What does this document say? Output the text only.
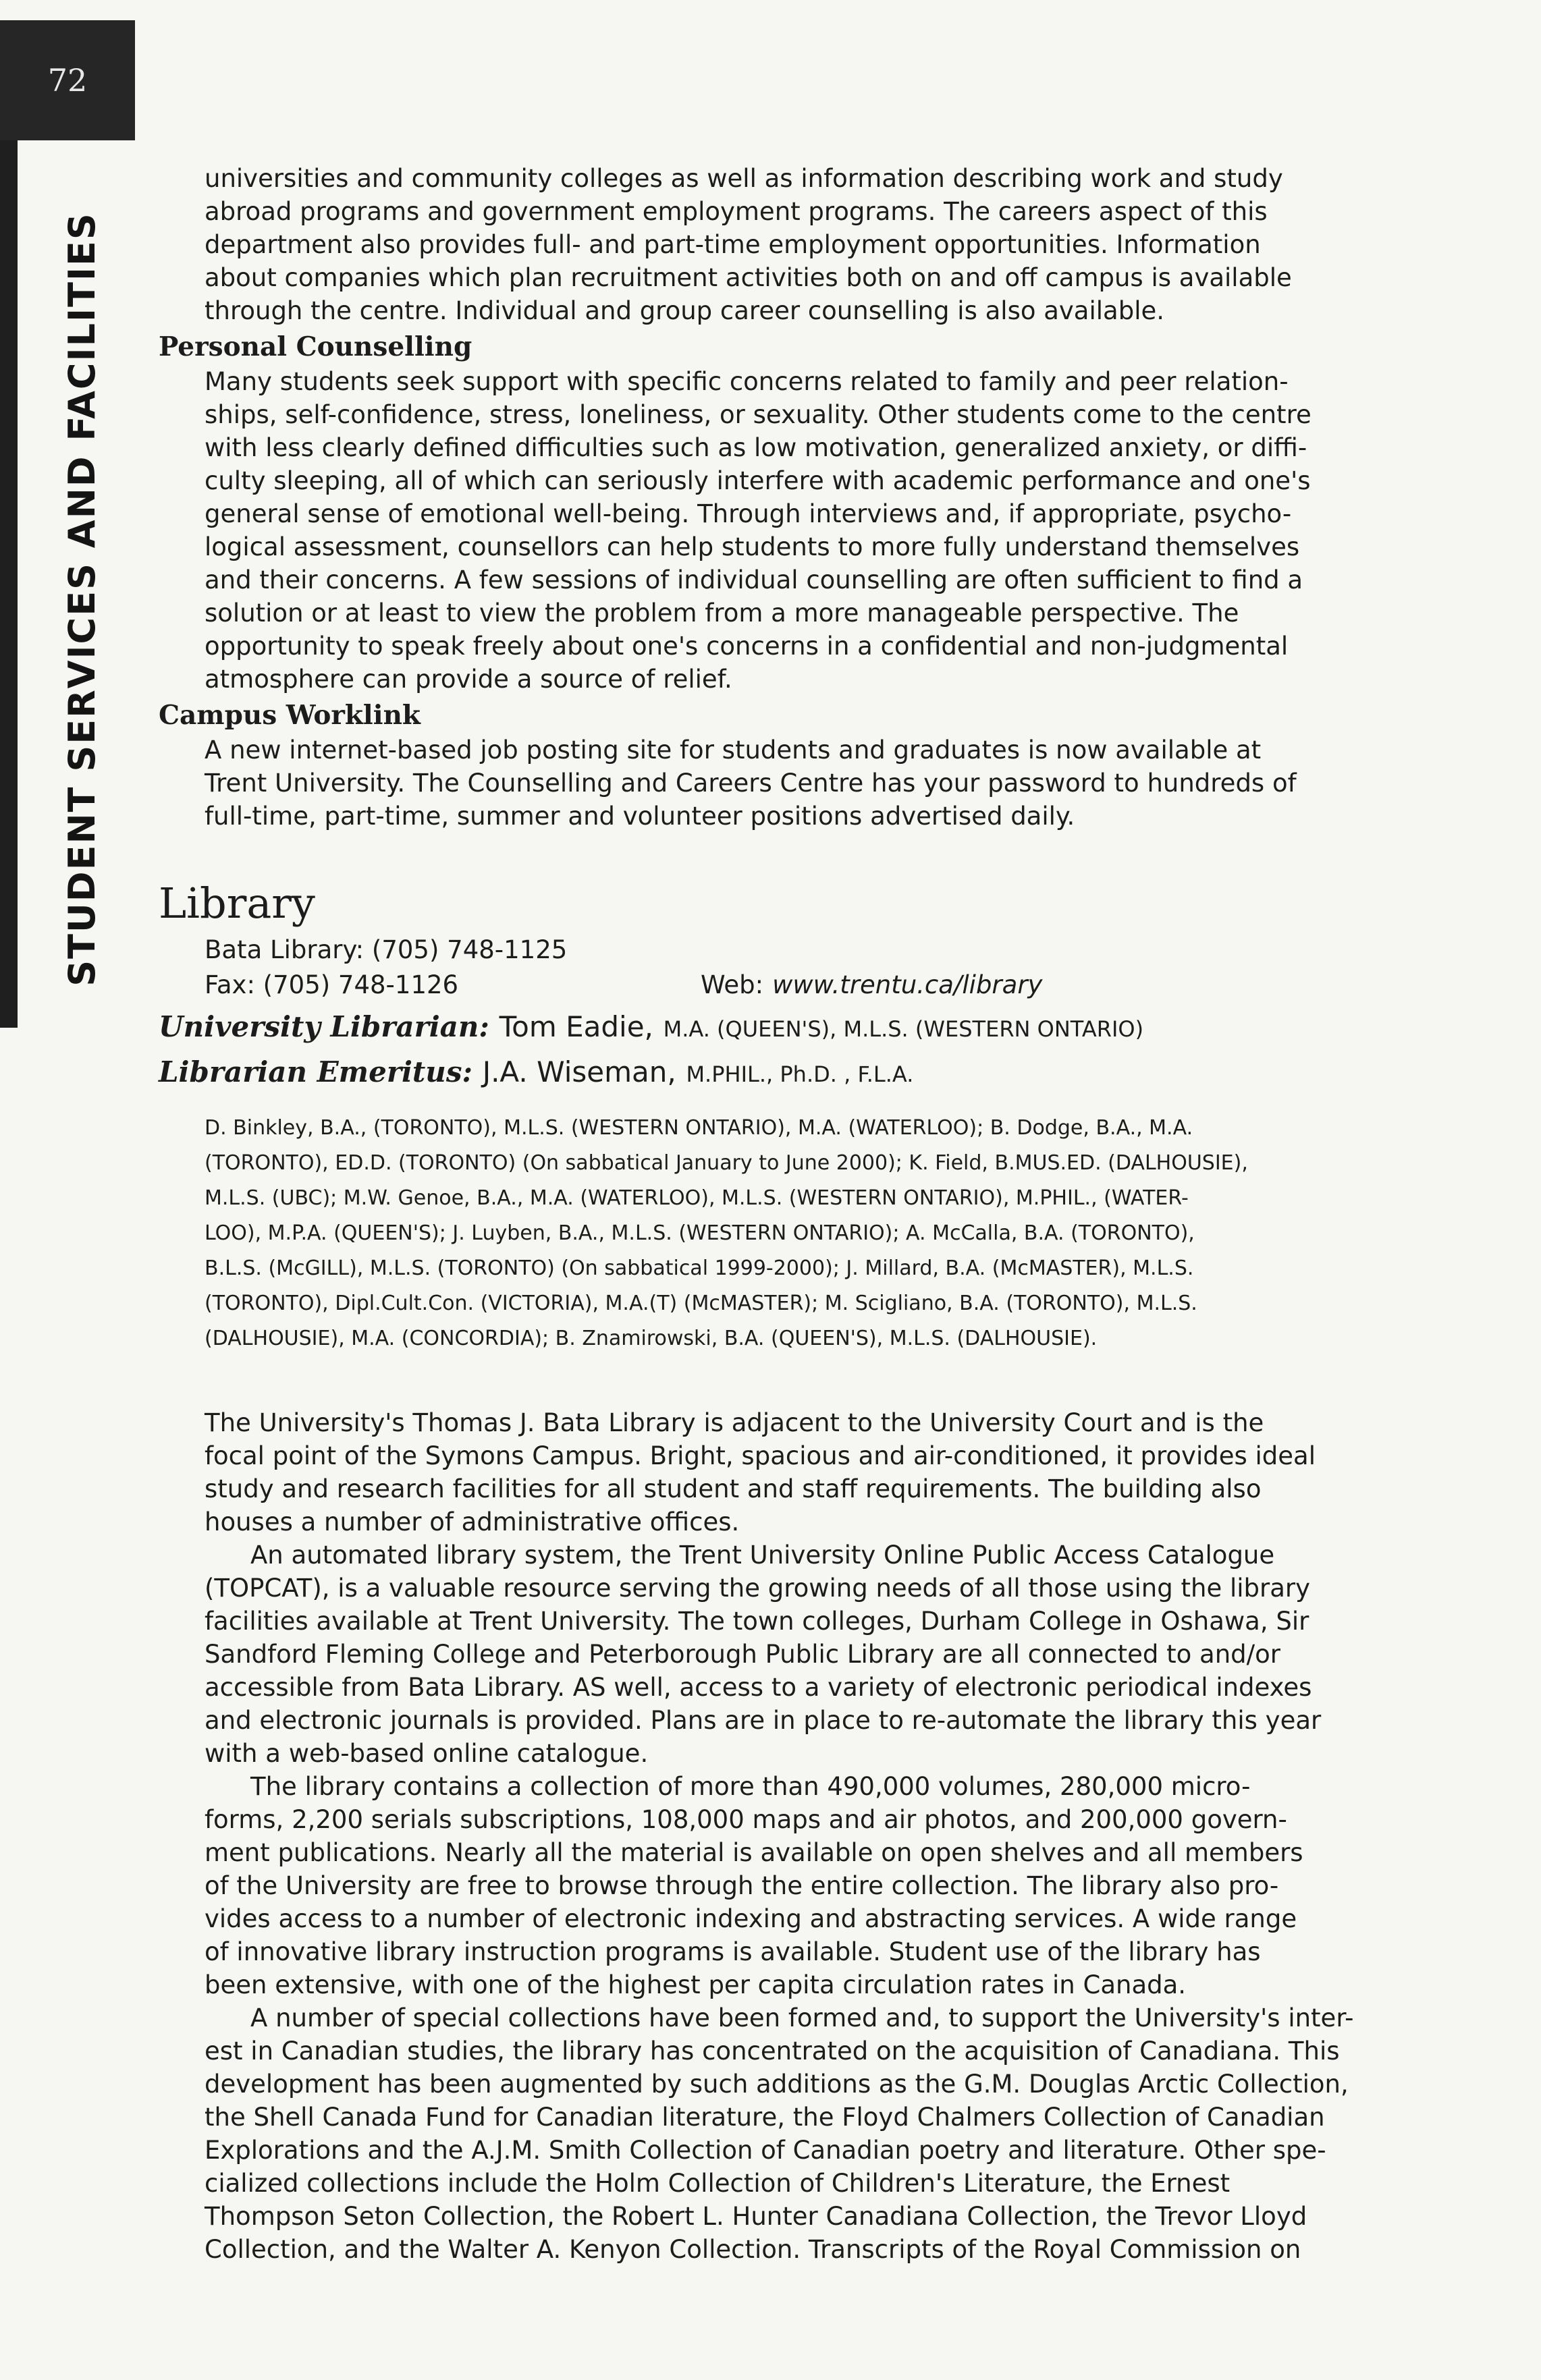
72
STUDENT SERVICES AND FACILITIES
universities and community colleges as well as information describing work and study
abroad programs and government employment programs. The careers aspect of this
department also provides full- and part-time employment opportunities. Information
about companies which plan recruitment activities both on and off campus is available
through the centre. Individual and group career counselling is also available.
Personal Counselling
Many students seek support with specific concerns related to family and peer relation-
ships, self-confidence, stress, loneliness, or sexuality. Other students come to the centre
with less clearly defined difficulties such as low motivation, generalized anxiety, or diffi-
culty sleeping, all of which can seriously interfere with academic performance and one's
general sense of emotional well-being. Through interviews and, if appropriate, psycho-
logical assessment, counsellors can help students to more fully understand themselves
and their concerns. A few sessions of individual counselling are often sufficient to find a
solution or at least to view the problem from a more manageable perspective. The
opportunity to speak freely about one's concerns in a confidential and non-judgmental
atmosphere can provide a source of relief.
Campus Worklink
A new internet-based job posting site for students and graduates is now available at
Trent University. The Counselling and Careers Centre has your password to hundreds of
full-time, part-time, summer and volunteer positions advertised daily.
Library
Bata Library: (705) 748-1125
Fax: (705) 748-1126	Web: www.trentu.ca/library
University Librarian: Tom Eadie, M.A. (QUEEN'S), M.L.S. (WESTERN ONTARIO)
Librarian Emeritus: J.A. Wiseman, M.PHIL., Ph.D. , F.L.A.
D. Binkley, B.A., (TORONTO), M.L.S. (WESTERN ONTARIO), M.A. (WATERLOO); B. Dodge, B.A., M.A.
(TORONTO), ED.D. (TORONTO) (On sabbatical January to June 2000); K. Field, B.MUS.ED. (DALHOUSIE),
M.L.S. (UBC); M.W. Genoe, B.A., M.A. (WATERLOO), M.L.S. (WESTERN ONTARIO), M.PHIL., (WATER-
LOO), M.P.A. (QUEEN'S); J. Luyben, B.A., M.L.S. (WESTERN ONTARIO); A. McCalla, B.A. (TORONTO),
B.L.S. (McGILL), M.L.S. (TORONTO) (On sabbatical 1999-2000); J. Millard, B.A. (McMASTER), M.L.S.
(TORONTO), Dipl.Cult.Con. (VICTORIA), M.A.(T) (McMASTER); M. Scigliano, B.A. (TORONTO), M.L.S.
(DALHOUSIE), M.A. (CONCORDIA); B. Znamirowski, B.A. (QUEEN'S), M.L.S. (DALHOUSIE).
The University's Thomas J. Bata Library is adjacent to the University Court and is the
focal point of the Symons Campus. Bright, spacious and air-conditioned, it provides ideal
study and research facilities for all student and staff requirements. The building also
houses a number of administrative offices.
An automated library system, the Trent University Online Public Access Catalogue
(TOPCAT), is a valuable resource serving the growing needs of all those using the library
facilities available at Trent University. The town colleges, Durham College in Oshawa, Sir
Sandford Fleming College and Peterborough Public Library are all connected to and/or
accessible from Bata Library. AS well, access to a variety of electronic periodical indexes
and electronic journals is provided. Plans are in place to re-automate the library this year
with a web-based online catalogue.
The library contains a collection of more than 490,000 volumes, 280,000 micro-
forms, 2,200 serials subscriptions, 108,000 maps and air photos, and 200,000 govern-
ment publications. Nearly all the material is available on open shelves and all members
of the University are free to browse through the entire collection. The library also pro-
vides access to a number of electronic indexing and abstracting services. A wide range
of innovative library instruction programs is available. Student use of the library has
been extensive, with one of the highest per capita circulation rates in Canada.
A number of special collections have been formed and, to support the University's inter-
est in Canadian studies, the library has concentrated on the acquisition of Canadiana. This
development has been augmented by such additions as the G.M. Douglas Arctic Collection,
the Shell Canada Fund for Canadian literature, the Floyd Chalmers Collection of Canadian
Explorations and the A.J.M. Smith Collection of Canadian poetry and literature. Other spe-
cialized collections include the Holm Collection of Children's Literature, the Ernest
Thompson Seton Collection, the Robert L. Hunter Canadiana Collection, the Trevor Lloyd
Collection, and the Walter A. Kenyon Collection. Transcripts of the Royal Commission on
